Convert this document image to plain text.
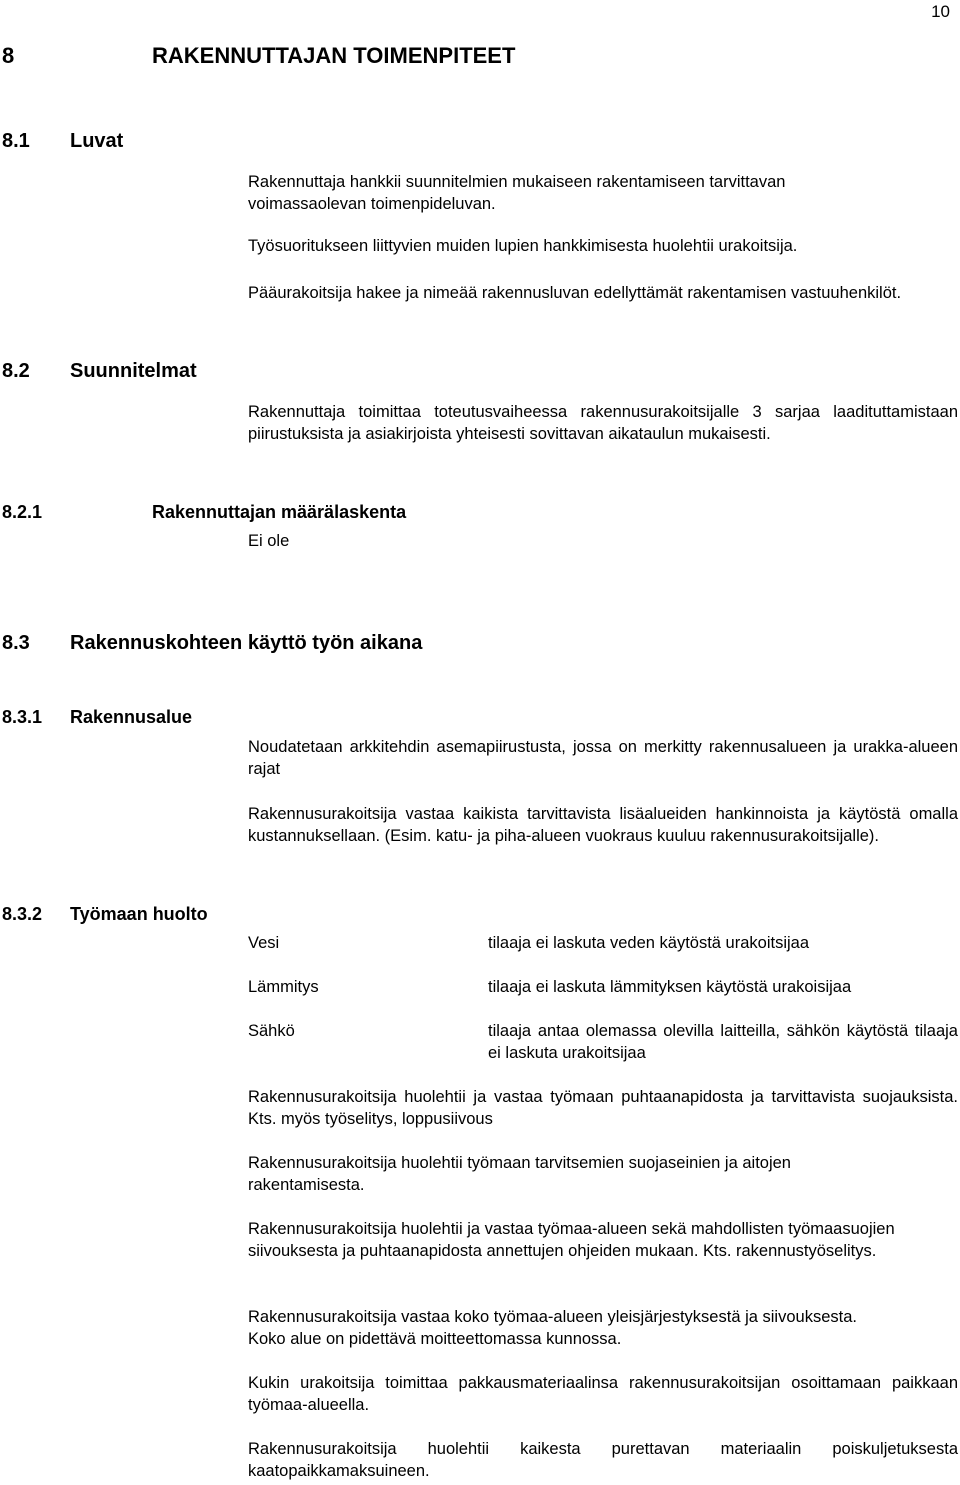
10
8	RAKENNUTTAJAN TOIMENPITEET
8.1 Luvat
Rakennuttaja hankkii suunnitelmien mukaiseen rakentamiseen tarvittavan voimassaolevan toimenpideluvan.
Työsuoritukseen liittyvien muiden lupien hankkimisesta huolehtii urakoitsija.
Pääurakoitsija hakee ja nimeää rakennusluvan edellyttämät rakentamisen vastuuhenkilöt.
8.2 Suunnitelmat
Rakennuttaja toimittaa toteutusvaiheessa rakennusurakoitsijalle 3 sarjaa laadituttamistaan piirustuksista ja asiakirjoista yhteisesti sovittavan aikataulun mukaisesti.
8.2.1	Rakennuttajan määrälaskenta
Ei ole
8.3 Rakennuskohteen käyttö työn aikana
8.3.1 Rakennusalue
Noudatetaan arkkitehdin asemapiirustusta, jossa on merkitty rakennusalueen ja urakka-alueen rajat
Rakennusurakoitsija vastaa kaikista tarvittavista lisäalueiden hankinnoista ja käytöstä omalla kustannuksellaan. (Esim. katu- ja piha-alueen vuokraus kuuluu rakennusurakoitsijalle).
8.3.2 Työmaan huolto
Vesi	tilaaja ei laskuta veden käytöstä urakoitsijaa
Lämmitys	tilaaja ei laskuta lämmityksen käytöstä urakoisijaa
Sähkö	tilaaja antaa olemassa olevilla laitteilla, sähkön käytöstä tilaaja ei laskuta urakoitsijaa
Rakennusurakoitsija huolehtii ja vastaa työmaan puhtaanapidosta ja tarvittavista suojauksista. Kts. myös työselitys, loppusiivous
Rakennusurakoitsija huolehtii työmaan tarvitsemien suojaseinien ja aitojen rakentamisesta.
Rakennusurakoitsija huolehtii ja vastaa työmaa-alueen sekä mahdollisten työmaasuojien siivouksesta ja puhtaanapidosta annettujen ohjeiden mukaan. Kts. rakennustyöselitys.
Rakennusurakoitsija vastaa koko työmaa-alueen yleisjärjestyksestä ja siivouksesta. Koko alue on pidettävä moitteettomassa kunnossa.
Kukin urakoitsija toimittaa pakkausmateriaalinsa rakennusurakoitsijan osoittamaan paikkaan työmaa-alueella.
Rakennusurakoitsija huolehtii kaikesta purettavan materiaalin poiskuljetuksesta kaatopaikkamaksuineen.
